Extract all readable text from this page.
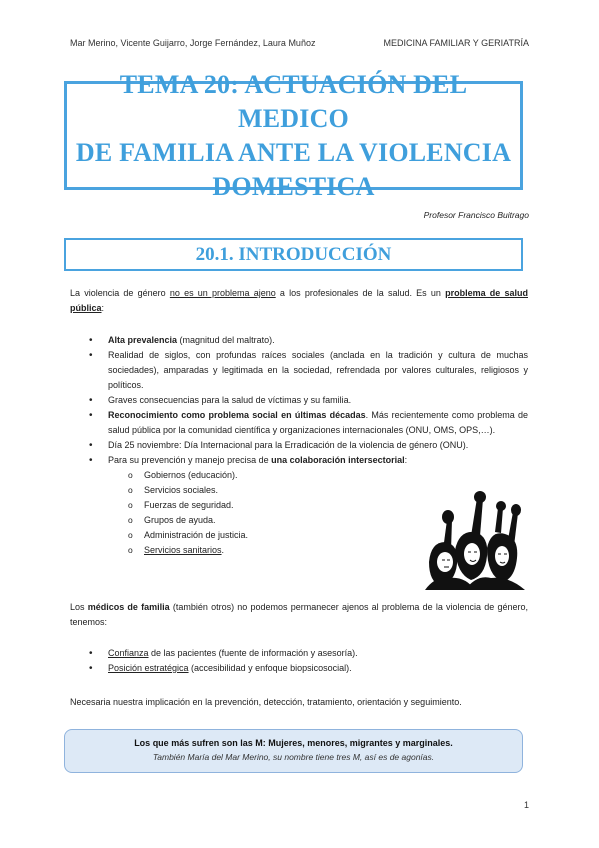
Mar Merino, Vicente Guijarro, Jorge Fernández, Laura Muñoz	MEDICINA FAMILIAR Y GERIATRÍA
TEMA 20: ACTUACIÓN DEL MEDICO
DE FAMILIA ANTE LA VIOLENCIA
DOMESTICA
Profesor Francisco Buitrago
20.1. INTRODUCCIÓN
La violencia de género no es un problema ajeno a los profesionales de la salud. Es un problema de salud pública:
• Alta prevalencia (magnitud del maltrato).
• Realidad de siglos, con profundas raíces sociales (anclada en la tradición y cultura de muchas sociedades), amparadas y legitimada en la sociedad, refrendada por valores culturales, religiosos y políticos.
• Graves consecuencias para la salud de víctimas y su familia.
• Reconocimiento como problema social en últimas décadas. Más recientemente como problema de salud pública por la comunidad científica y organizaciones internacionales (ONU, OMS, OPS,…).
• Día 25 noviembre: Día Internacional para la Erradicación de la violencia de género (ONU).
• Para su prevención y manejo precisa de una colaboración intersectorial:
o Gobiernos (educación).
o Servicios sociales.
o Fuerzas de seguridad.
o Grupos de ayuda.
o Administración de justicia.
o Servicios sanitarios.
Los médicos de familia (también otros) no podemos permanecer ajenos al problema de la violencia de género, tenemos:
• Confianza de las pacientes (fuente de información y asesoría).
• Posición estratégica (accesibilidad y enfoque biopsicosocial).
Necesaria nuestra implicación en la prevención, detección, tratamiento, orientación y seguimiento.
Los que más sufren son las M: Mujeres, menores, migrantes y marginales.
También María del Mar Merino, su nombre tiene tres M, así es de agonías.
1
